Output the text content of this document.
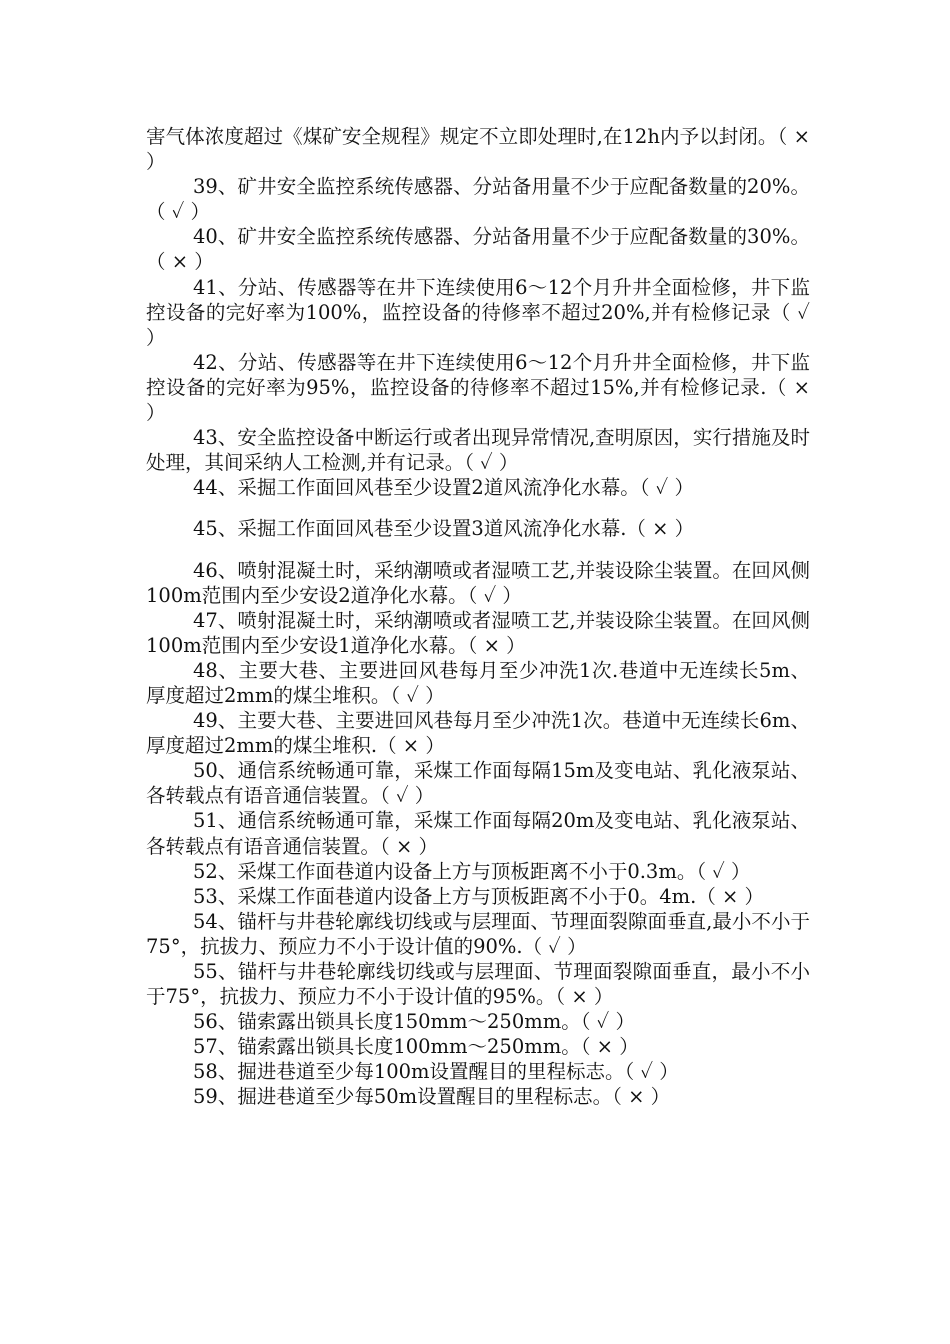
害气体浓度超过《煤矿安全规程》规定不立即处理时,在12h内予以封闭。（ × ）

39、矿井安全监控系统传感器、分站备用量不少于应配备数量的20%。（ ✓ ）

40、矿井安全监控系统传感器、分站备用量不少于应配备数量的30%。（ × ）

41、分站、传感器等在井下连续使用6～12个月升井全面检修，井下监控设备的完好率为100%，监控设备的待修率不超过20%,并有检修记录（ ✓ ）

42、分站、传感器等在井下连续使用6～12个月升井全面检修，井下监控设备的完好率为95%，监控设备的待修率不超过15%,并有检修记录.（ × ）

43、安全监控设备中断运行或者出现异常情况,查明原因，实行措施及时处理，其间采纳人工检测,并有记录。（ ✓ ）

44、采掘工作面回风巷至少设置2道风流净化水幕。（ ✓ ）

45、采掘工作面回风巷至少设置3道风流净化水幕.（ × ）

46、喷射混凝土时，采纳潮喷或者湿喷工艺,并装设除尘装置。在回风侧100m范围内至少安设2道净化水幕。（ ✓ ）

47、喷射混凝土时，采纳潮喷或者湿喷工艺,并装设除尘装置。在回风侧100m范围内至少安设1道净化水幕。（ × ）

48、主要大巷、主要进回风巷每月至少冲洗1次.巷道中无连续长5m、厚度超过2mm的煤尘堆积。（ ✓ ）

49、主要大巷、主要进回风巷每月至少冲洗1次。巷道中无连续长6m、厚度超过2mm的煤尘堆积.（ × ）

50、通信系统畅通可靠，采煤工作面每隔15m及变电站、乳化液泵站、各转载点有语音通信装置。（ ✓ ）

51、通信系统畅通可靠，采煤工作面每隔20m及变电站、乳化液泵站、各转载点有语音通信装置。（ × ）

52、采煤工作面巷道内设备上方与顶板距离不小于0.3m。（ ✓ ）

53、采煤工作面巷道内设备上方与顶板距离不小于0。4m.（ × ）

54、锚杆与井巷轮廓线切线或与层理面、节理面裂隙面垂直,最小不小于75°，抗拔力、预应力不小于设计值的90%.（ ✓ ）

55、锚杆与井巷轮廓线切线或与层理面、节理面裂隙面垂直，最小不小于75°，抗拔力、预应力不小于设计值的95%。（ × ）

56、锚索露出锁具长度150mm～250mm。（ ✓ ）

57、锚索露出锁具长度100mm～250mm。（ × ）

58、掘进巷道至少每100m设置醒目的里程标志。（ ✓ ）

59、掘进巷道至少每50m设置醒目的里程标志。（ × ）
